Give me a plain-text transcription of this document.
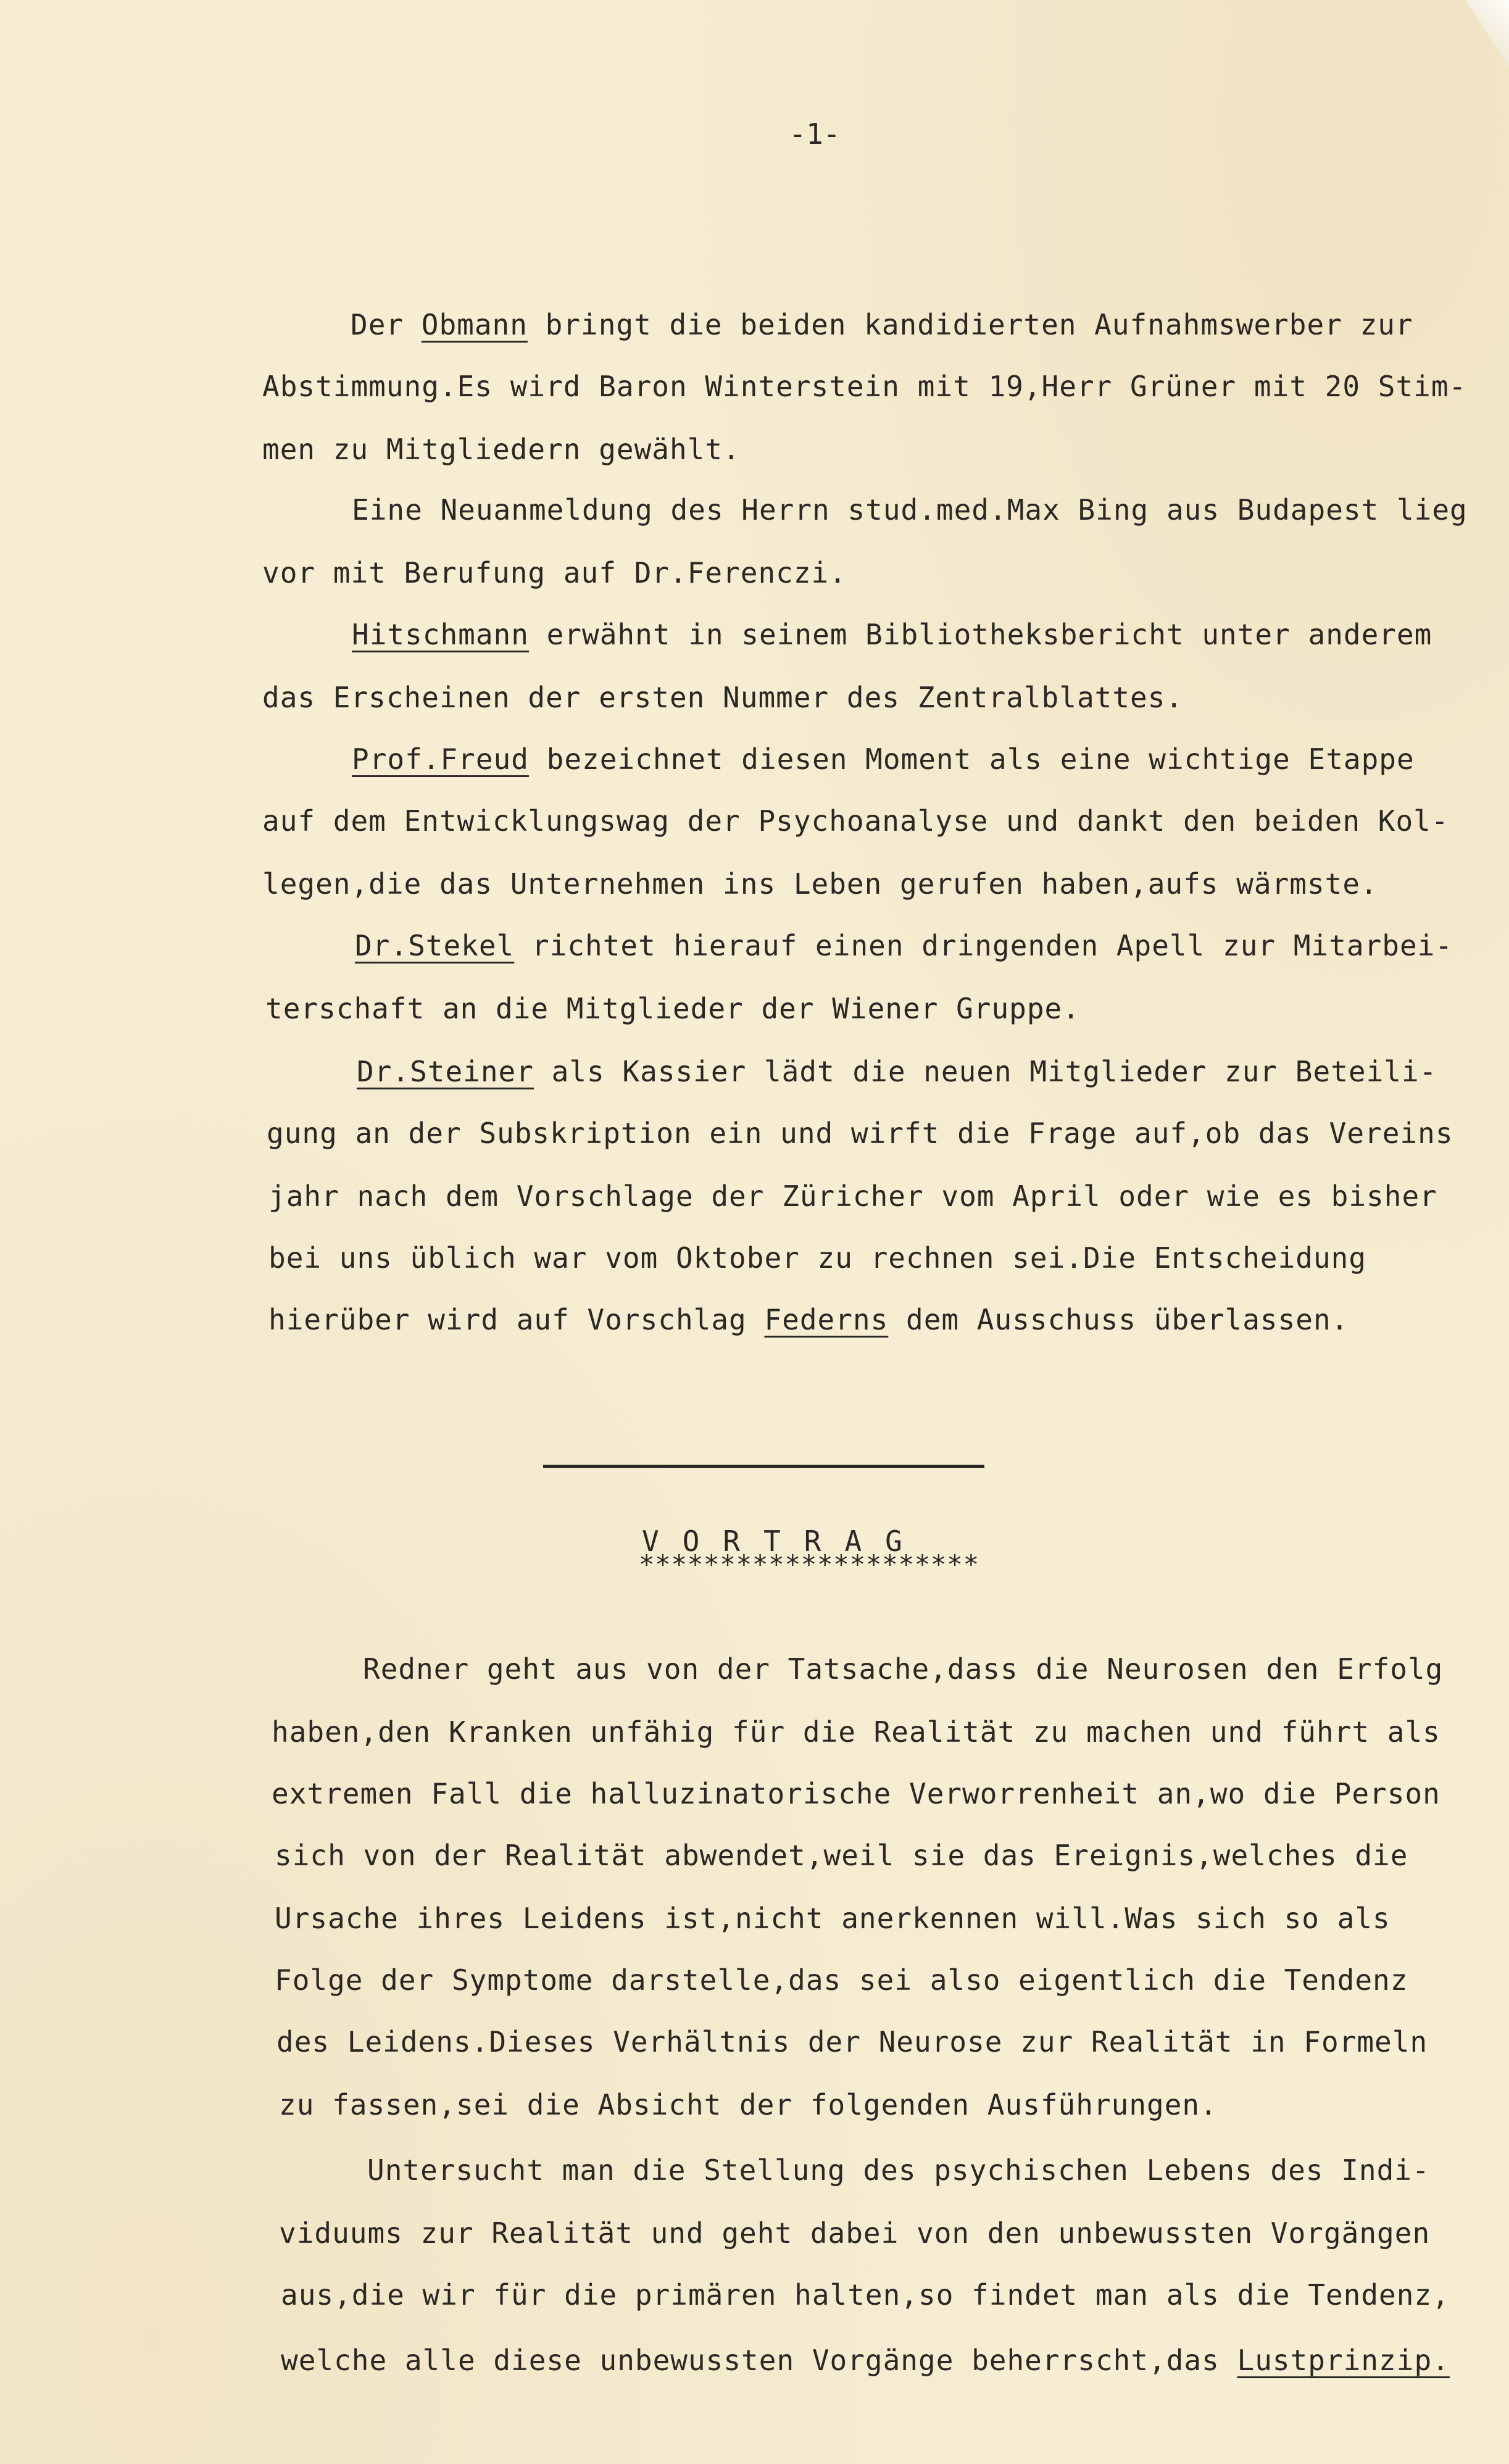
-1-
Der Obmann bringt die beiden kandidierten Aufnahmswerber zur
Abstimmung.Es wird Baron Winterstein mit 19,Herr Grüner mit 20 Stim-
men zu Mitgliedern gewählt.
Eine Neuanmeldung des Herrn stud.med.Max Bing aus Budapest lieg
vor mit Berufung auf Dr.Ferenczi.
Hitschmann erwähnt in seinem Bibliotheksbericht unter anderem
das Erscheinen der ersten Nummer des Zentralblattes.
Prof.Freud bezeichnet diesen Moment als eine wichtige Etappe
auf dem Entwicklungswag der Psychoanalyse und dankt den beiden Kol-
legen,die das Unternehmen ins Leben gerufen haben,aufs wärmste.
Dr.Stekel richtet hierauf einen dringenden Apell zur Mitarbei-
terschaft an die Mitglieder der Wiener Gruppe.
Dr.Steiner als Kassier lädt die neuen Mitglieder zur Beteili-
gung an der Subskription ein und wirft die Frage auf,ob das Vereins
jahr nach dem Vorschlage der Züricher vom April oder wie es bisher
bei uns üblich war vom Oktober zu rechnen sei.Die Entscheidung
hierüber wird auf Vorschlag Federns dem Ausschuss überlassen.
VORTRAG
*********************
Redner geht aus von der Tatsache,dass die Neurosen den Erfolg
haben,den Kranken unfähig für die Realität zu machen und führt als
extremen Fall die halluzinatorische Verworrenheit an,wo die Person
sich von der Realität abwendet,weil sie das Ereignis,welches die
Ursache ihres Leidens ist,nicht anerkennen will.Was sich so als
Folge der Symptome darstelle,das sei also eigentlich die Tendenz
des Leidens.Dieses Verhältnis der Neurose zur Realität in Formeln
zu fassen,sei die Absicht der folgenden Ausführungen.
Untersucht man die Stellung des psychischen Lebens des Indi-
viduums zur Realität und geht dabei von den unbewussten Vorgängen
aus,die wir für die primären halten,so findet man als die Tendenz,
welche alle diese unbewussten Vorgänge beherrscht,das Lustprinzip.
